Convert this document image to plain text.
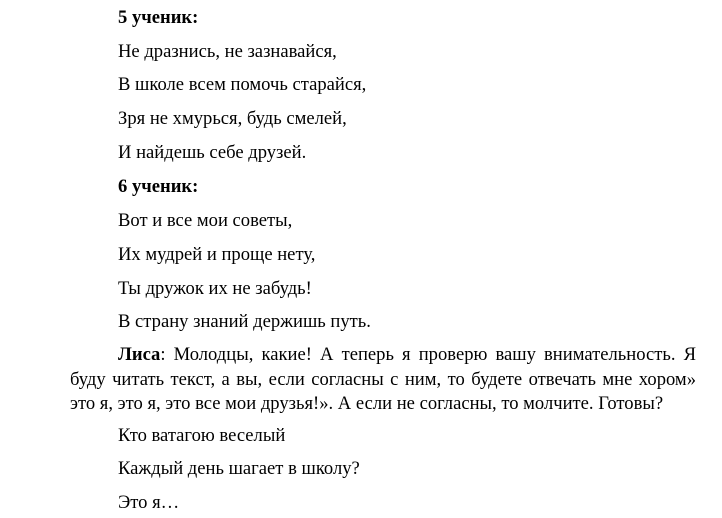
5 ученик:
Не дразнись, не зазнавайся,
В школе всем помочь старайся,
Зря не хмурься, будь смелей,
И найдешь себе друзей.
6 ученик:
Вот и все мои советы,
Их мудрей и проще нету,
Ты дружок их не забудь!
В страну знаний держишь путь.
Лиса: Молодцы, какие! А теперь я проверю вашу внимательность. Я буду читать текст, а вы, если согласны с ним, то будете отвечать мне хором» это я, это я, это все мои друзья!». А если не согласны, то молчите. Готовы?
Кто ватагою веселый
Каждый день шагает в школу?
Это я…
